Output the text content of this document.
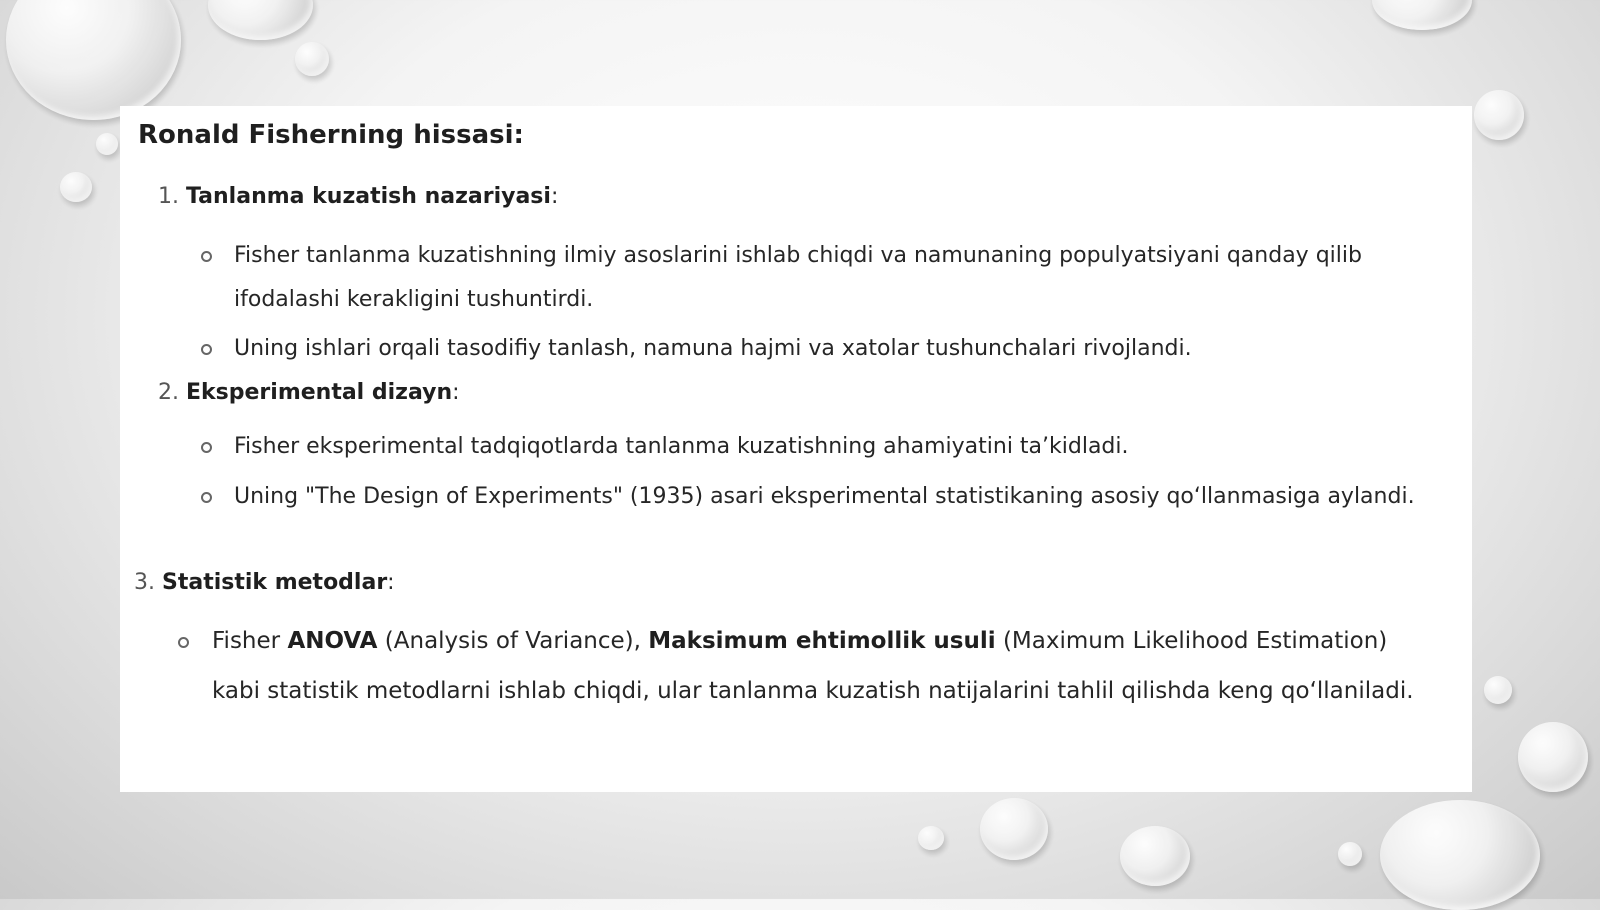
Ronald Fisherning hissasi:
1. Tanlanma kuzatish nazariyasi:
Fisher tanlanma kuzatishning ilmiy asoslarini ishlab chiqdi va namunaning populyatsiyani qanday qilib ifodalashi kerakligini tushuntirdi.
Uning ishlari orqali tasodifiy tanlash, namuna hajmi va xatolar tushunchalari rivojlandi.
2. Eksperimental dizayn:
Fisher eksperimental tadqiqotlarda tanlanma kuzatishning ahamiyatini ta’kidladi.
Uning "The Design of Experiments" (1935) asari eksperimental statistikaning asosiy qo‘llanmasiga aylandi.
3. Statistik metodlar:
Fisher ANOVA (Analysis of Variance), Maksimum ehtimollik usuli (Maximum Likelihood Estimation) kabi statistik metodlarni ishlab chiqdi, ular tanlanma kuzatish natijalarini tahlil qilishda keng qo‘llaniladi.
